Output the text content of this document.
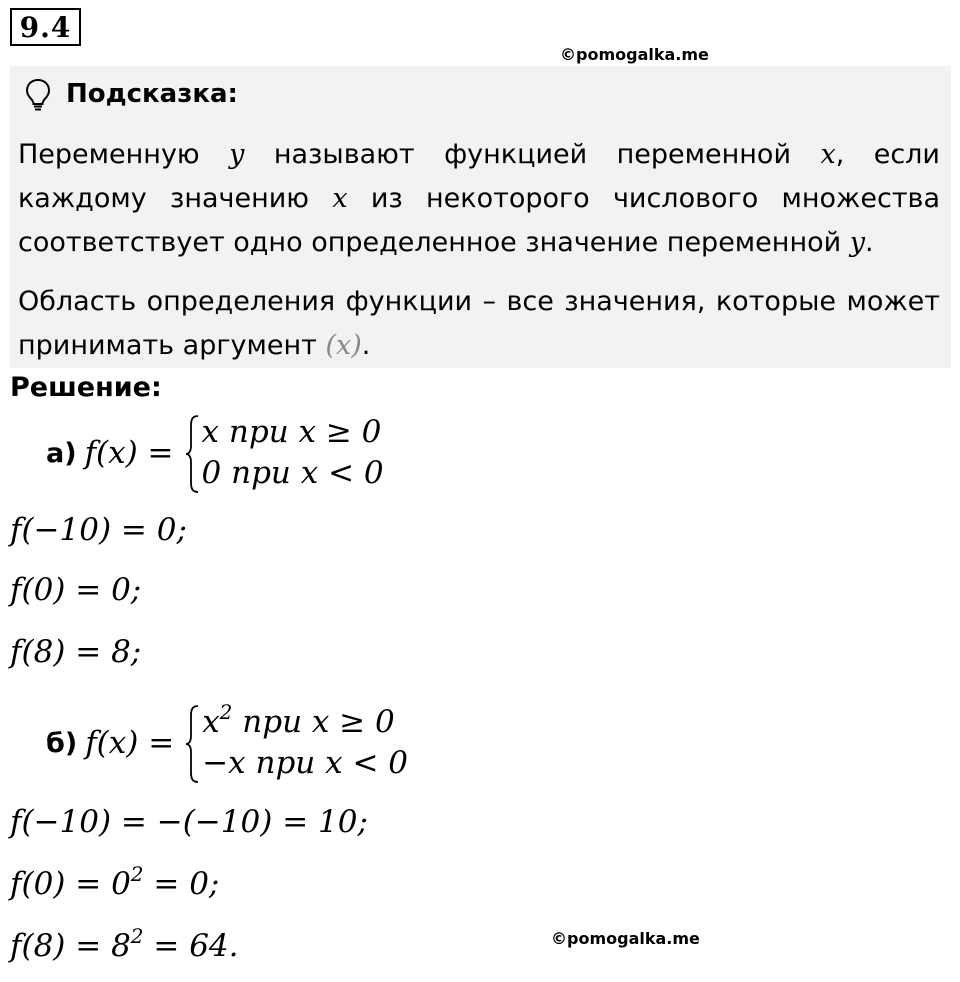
9.4
©pomogalka.me
Подсказка:
Переменную y называют функцией переменной x, если каждому значению x из некоторого числового множества соответствует одно определенное значение переменной y.
Область определения функции – все значения, которые может принимать аргумент (x).
Решение:
а) f(x) =
x при x ≥ 0
0 при x < 0
f(−10) = 0;
f(0) = 0;
f(8) = 8;
б) f(x) =
$x^2$ при x ≥ 0
−x при x < 0
f(−10) = −(−10) = 10;
$f(0) = 0^2 = 0$;
$f(8) = 8^2 = 64$.	©pomogalka.me
